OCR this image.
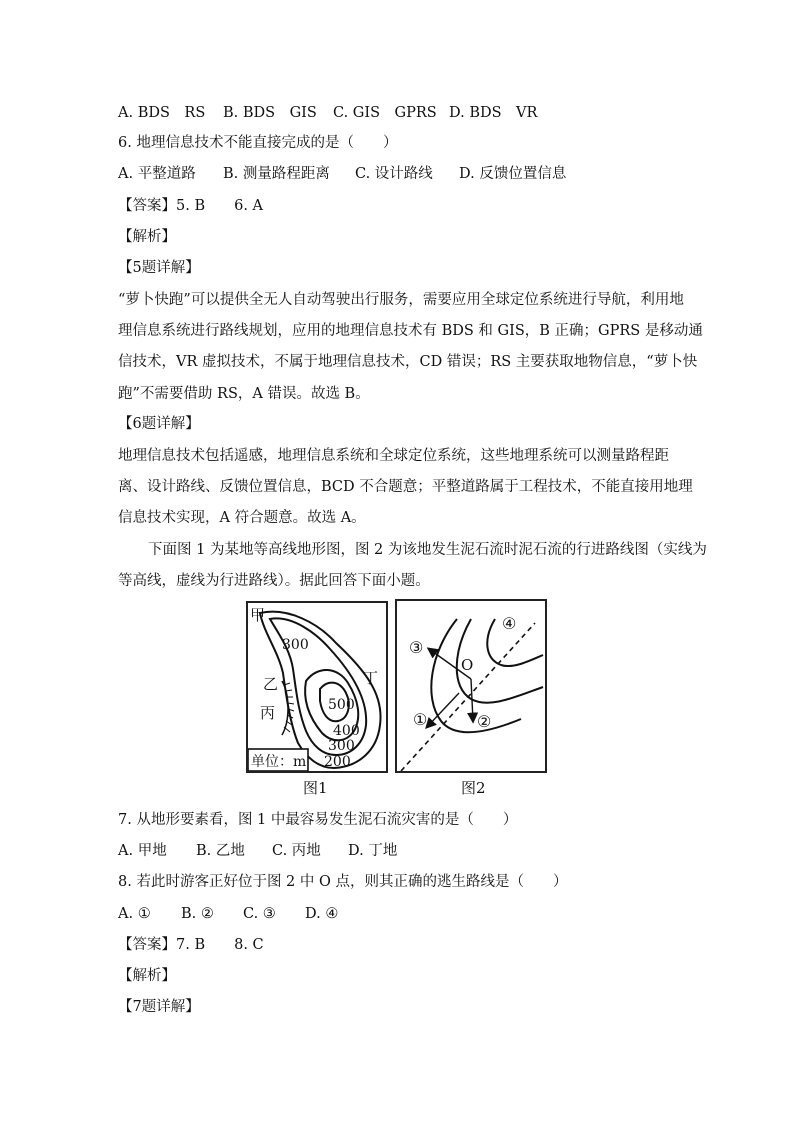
A. BDS　RS B. BDS　GIS C. GIS　GPRS D. BDS　VR
6. 地理信息技术不能直接完成的是（　　）
A. 平整道路 B. 测量路程距离 C. 设计路线 D. 反馈位置信息
【答案】5. B　　6. A
【解析】
【5题详解】
“萝卜快跑”可以提供全无人自动驾驶出行服务，需要应用全球定位系统进行导航，利用地
理信息系统进行路线规划，应用的地理信息技术有 BDS 和 GIS，B 正确；GPRS 是移动通
信技术，VR 虚拟技术，不属于地理信息技术，CD 错误；RS 主要获取地物信息，“萝卜快
跑”不需要借助 RS，A 错误。故选 B。
【6题详解】
地理信息技术包括遥感，地理信息系统和全球定位系统，这些地理系统可以测量路程距
离、设计路线、反馈位置信息，BCD 不合题意；平整道路属于工程技术，不能直接用地理
信息技术实现，A 符合题意。故选 A。
下面图 1 为某地等高线地形图，图 2 为该地发生泥石流时泥石流的行进路线图（实线为
等高线，虚线为行进路线）。据此回答下面小题。
甲
300
乙	丁
500
丙
400
300
200
单位：m
图1
④
③
O
①	②
图2
7. 从地形要素看，图 1 中最容易发生泥石流灾害的是（　　）
A. 甲地 B. 乙地 C. 丙地 D. 丁地
8. 若此时游客正好位于图 2 中 O 点，则其正确的逃生路线是（　　）
A. ① B. ② C. ③ D. ④
【答案】7. B　　8. C
【解析】
【7题详解】
